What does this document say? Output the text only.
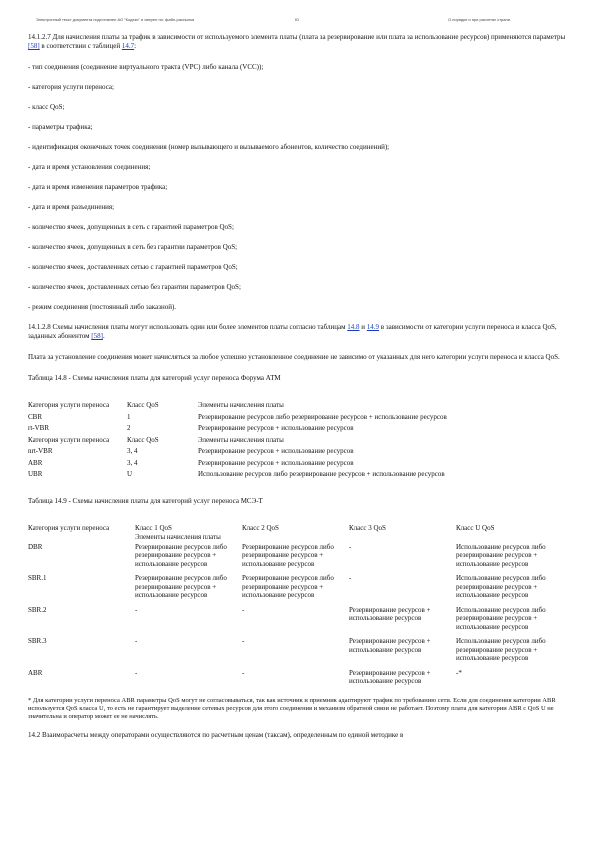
Электронный текст документа подготовлен АО "Кодекс" и сверен по: файл-рассылка	Ю	О порядке и при расчетах страни

14.1.2.7 Для начисления платы за трафик в зависимости от используемого элемента платы (плата за резервирование или плата за использование ресурсов) применяются параметры [58] в соответствии с таблицей 14.7:

- тип соединения (соединение виртуального тракта (VPC) либо канала (VCC));

- категория услуги переноса;

- класс QoS;

- параметры трафика;

- идентификация оконечных точек соединения (номер вызывающего и вызываемого абонентов, количество соединений);

- дата и время установления соединения;

- дата и время изменения параметров трафика;

- дата и время разъединения;

- количество ячеек, допущенных в сеть с гарантией параметров QoS;

- количество ячеек, допущенных в сеть без гарантии параметров QoS;

- количество ячеек, доставленных сетью с гарантией параметров QoS;

- количество ячеек, доставленных сетью без гарантии параметров QoS;

- режим соединения (постоянный либо заказной).

14.1.2.8 Схемы начисления платы могут использовать один или более элементов платы согласно таблицам 14.8 и 14.9 в зависимости от категории услуги переноса и класса QoS, заданных абонентом [58].

Плата за установление соединения может начисляться за любое успешно установленное соединение не зависимо от указанных для него категории услуги переноса и класса QoS.

Таблица 14.8 - Схемы начисления платы для категорий услуг переноса Форума АТМ

Категория услуги переноса	Класс QoS	Элементы начисления платы
CBR	1	Резервирование ресурсов либо резервирование ресурсов + использование ресурсов
rt-VBR	2	Резервирование ресурсов + использование ресурсов
Категория услуги переноса	Класс QoS	Элементы начисления платы
nrt-VBR	3, 4	Резервирование ресурсов + использование ресурсов
ABR	3, 4	Резервирование ресурсов + использование ресурсов
UBR	U	Использование ресурсов либо резервирование ресурсов + использование ресурсов

Таблица 14.9 - Схемы начисления платы для категорий услуг переноса МСЭ-Т

Категория услуги переноса	Класс 1 QoS	Класс 2 QoS	Класс 3 QoS	Класс U QoS
	Элементы начисления платы			
DBR	Резервирование ресурсов либо резервирование ресурсов + использование ресурсов	Резервирование ресурсов либо резервирование ресурсов + использование ресурсов	-	Использование ресурсов либо резервирование ресурсов + использование ресурсов
SBR.1	Резервирование ресурсов либо резервирование ресурсов + использование ресурсов	Резервирование ресурсов либо резервирование ресурсов + использование ресурсов	-	Использование ресурсов либо резервирование ресурсов + использование ресурсов
SBR.2	-	-	Резервирование ресурсов + использование ресурсов	Использование ресурсов либо резервирование ресурсов + использование ресурсов
SBR.3	-	-	Резервирование ресурсов + использование ресурсов	Использование ресурсов либо резервирование ресурсов + использование ресурсов
ABR	-	-	Резервирование ресурсов + использование ресурсов	-*

* Для категории услуги переноса ABR параметры QoS могут не согласовываться, так как источник и приемник адаптируют трафик по требованию сети. Если для соединения категории ABR используется QoS класса U, то есть не гарантирует выделение сетевых ресурсов для этого соединения и механизм обратной связи не работает. Поэтому плата для категории ABR с QoS U не значительна и оператор может ее не начислять.

14.2 Взаиморасчеты между операторами осуществляются по расчетным ценам (таксам), определенным по единой методике в
